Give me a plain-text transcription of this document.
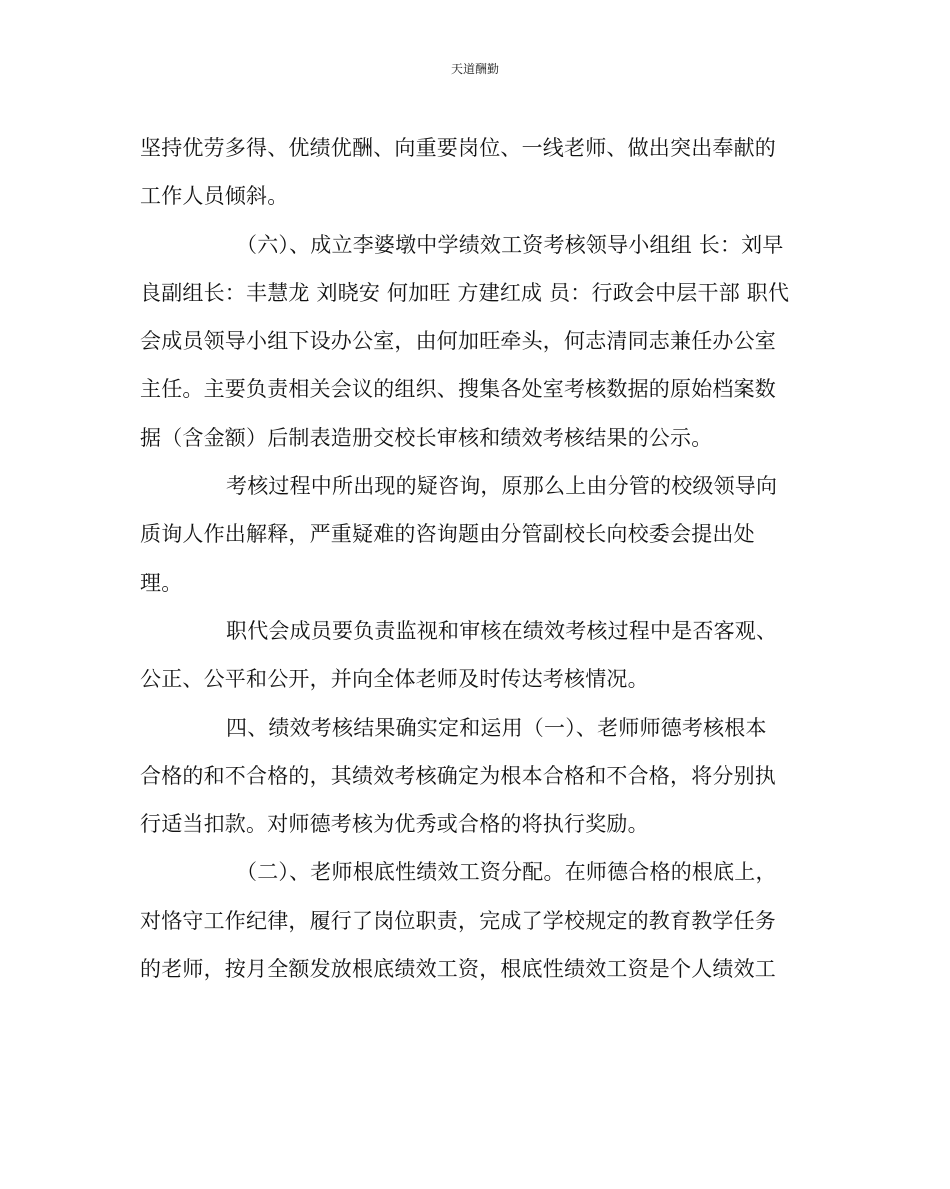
天道酬勤
坚持优劳多得、优绩优酬、向重要岗位、一线老师、做出突出奉献的
工作人员倾斜。
（六）、成立李婆墩中学绩效工资考核领导小组组 长：刘早
良副组长：丰慧龙 刘晓安 何加旺 方建红成 员：行政会中层干部 职代
会成员领导小组下设办公室，由何加旺牵头，何志清同志兼任办公室
主任。主要负责相关会议的组织、搜集各处室考核数据的原始档案数
据（含金额）后制表造册交校长审核和绩效考核结果的公示。
考核过程中所出现的疑咨询，原那么上由分管的校级领导向
质询人作出解释，严重疑难的咨询题由分管副校长向校委会提出处
理。
职代会成员要负责监视和审核在绩效考核过程中是否客观、
公正、公平和公开，并向全体老师及时传达考核情况。
四、绩效考核结果确实定和运用（一）、老师师德考核根本
合格的和不合格的，其绩效考核确定为根本合格和不合格，将分别执
行适当扣款。对师德考核为优秀或合格的将执行奖励。
（二）、老师根底性绩效工资分配。在师德合格的根底上，
对恪守工作纪律，履行了岗位职责，完成了学校规定的教育教学任务
的老师，按月全额发放根底绩效工资，根底性绩效工资是个人绩效工
